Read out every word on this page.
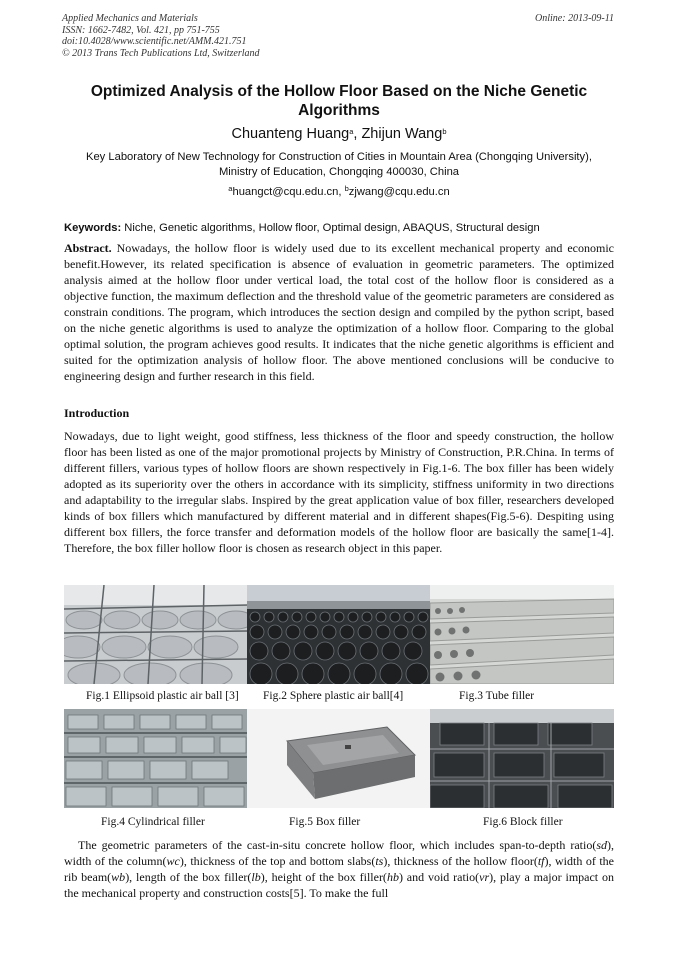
Applied Mechanics and Materials
ISSN: 1662-7482, Vol. 421, pp 751-755
doi:10.4028/www.scientific.net/AMM.421.751
© 2013 Trans Tech Publications Ltd, Switzerland
Online: 2013-09-11
Optimized Analysis of the Hollow Floor Based on the Niche Genetic Algorithms
Chuanteng Huang$^a$, Zhijun Wang$^b$
Key Laboratory of New Technology for Construction of Cities in Mountain Area (Chongqing University), Ministry of Education, Chongqing 400030, China
$^a$huangct@cqu.edu.cn, $^b$zjwang@cqu.edu.cn
Keywords: Niche, Genetic algorithms, Hollow floor, Optimal design, ABAQUS, Structural design

Abstract. Nowadays, the hollow floor is widely used due to its excellent mechanical property and economic benefit.However, its related specification is absence of evaluation in geometric parameters. The optimized analysis aimed at the hollow floor under vertical load, the total cost of the hollow floor is considered as a objective function, the maximum deflection and the threshold value of the geometric parameters are considered as constrain conditions. The program, which introduces the section design and compiled by the python script, based on the niche genetic algorithms is used to analyze the optimization of a hollow floor. Comparing to the global optimal solution, the program achieves good results. It indicates that the niche genetic algorithms is efficient and suited for the optimization analysis of hollow floor. The above mentioned conclusions will be conducive to engineering design and further research in this field.

Introduction

Nowadays, due to light weight, good stiffness, less thickness of the floor and speedy construction, the hollow floor has been listed as one of the major promotional projects by Ministry of Construction, P.R.China. In terms of different fillers, various types of hollow floors are shown respectively in Fig.1-6. The box filler has been widely adopted as its superiority over the others in accordance with its simplicity, stiffness uniformity in two directions and adaptability to the irregular slabs. Inspired by the great application value of box filler, researchers developed kinds of box fillers which manufactured by different material and in different shapes(Fig.5-6). Despiting using different box fillers, the force transfer and deformation models of the hollow floor are basically the same[1-4]. Therefore, the box filler hollow floor is chosen as research object in this paper.

Fig.1 Ellipsoid plastic air ball [3] Fig.2 Sphere plastic air ball[4]	Fig.3 Tube filler
Fig.4 Cylindrical filler	Fig.5 Box filler	Fig.6 Block filler

The geometric parameters of the cast-in-situ concrete hollow floor, which includes span-to-depth ratio(sd), width of the column(wc), thickness of the top and bottom slabs(ts), thickness of the hollow floor(tf), width of the rib beam(wb), length of the box filler(lb), height of the box filler(hb) and void ratio(vr), play a major impact on the mechanical property and construction costs[5]. To make the full
